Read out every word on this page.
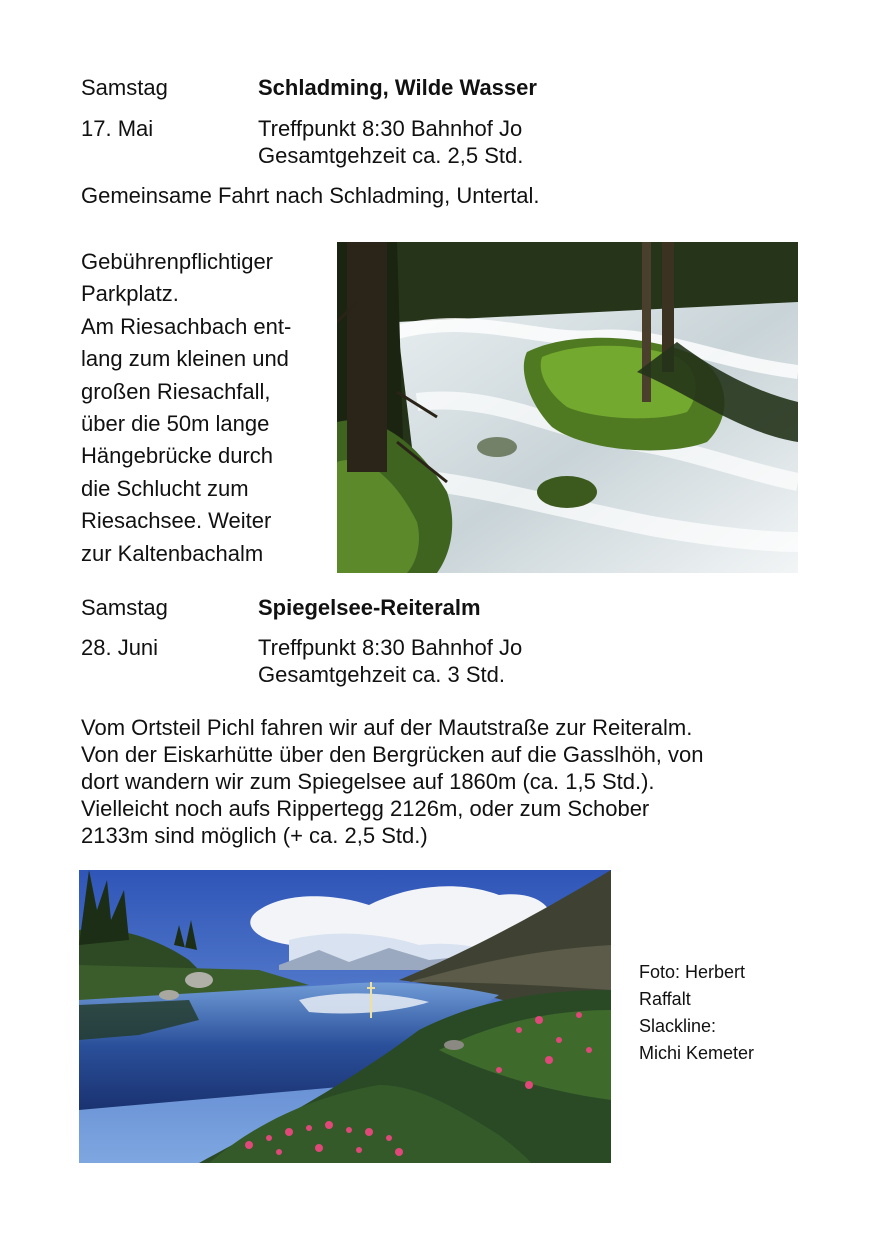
Samstag	Schladming, Wilde Wasser
17. Mai	Treffpunkt 8:30 Bahnhof Jo
Gesamtgehzeit ca. 2,5 Std.
Gemeinsame Fahrt nach Schladming, Untertal.
Gebührenpflichtiger
Parkplatz.
Am Riesachbach ent-
lang zum kleinen und
großen Riesachfall,
über die 50m lange
Hängebrücke durch
die Schlucht zum
Riesachsee. Weiter
zur Kaltenbachalm
Samstag	Spiegelsee-Reiteralm
28. Juni	Treffpunkt 8:30 Bahnhof Jo
Gesamtgehzeit ca. 3 Std.
Vom Ortsteil Pichl fahren wir auf der Mautstraße zur Reiteralm.
Von der Eiskarhütte über den Bergrücken auf die Gasslhöh, von
dort wandern wir zum Spiegelsee auf 1860m (ca. 1,5 Std.).
Vielleicht noch aufs Rippertegg 2126m, oder zum Schober
2133m sind möglich (+ ca. 2,5 Std.)
Foto: Herbert
Raffalt
Slackline:
Michi Kemeter
